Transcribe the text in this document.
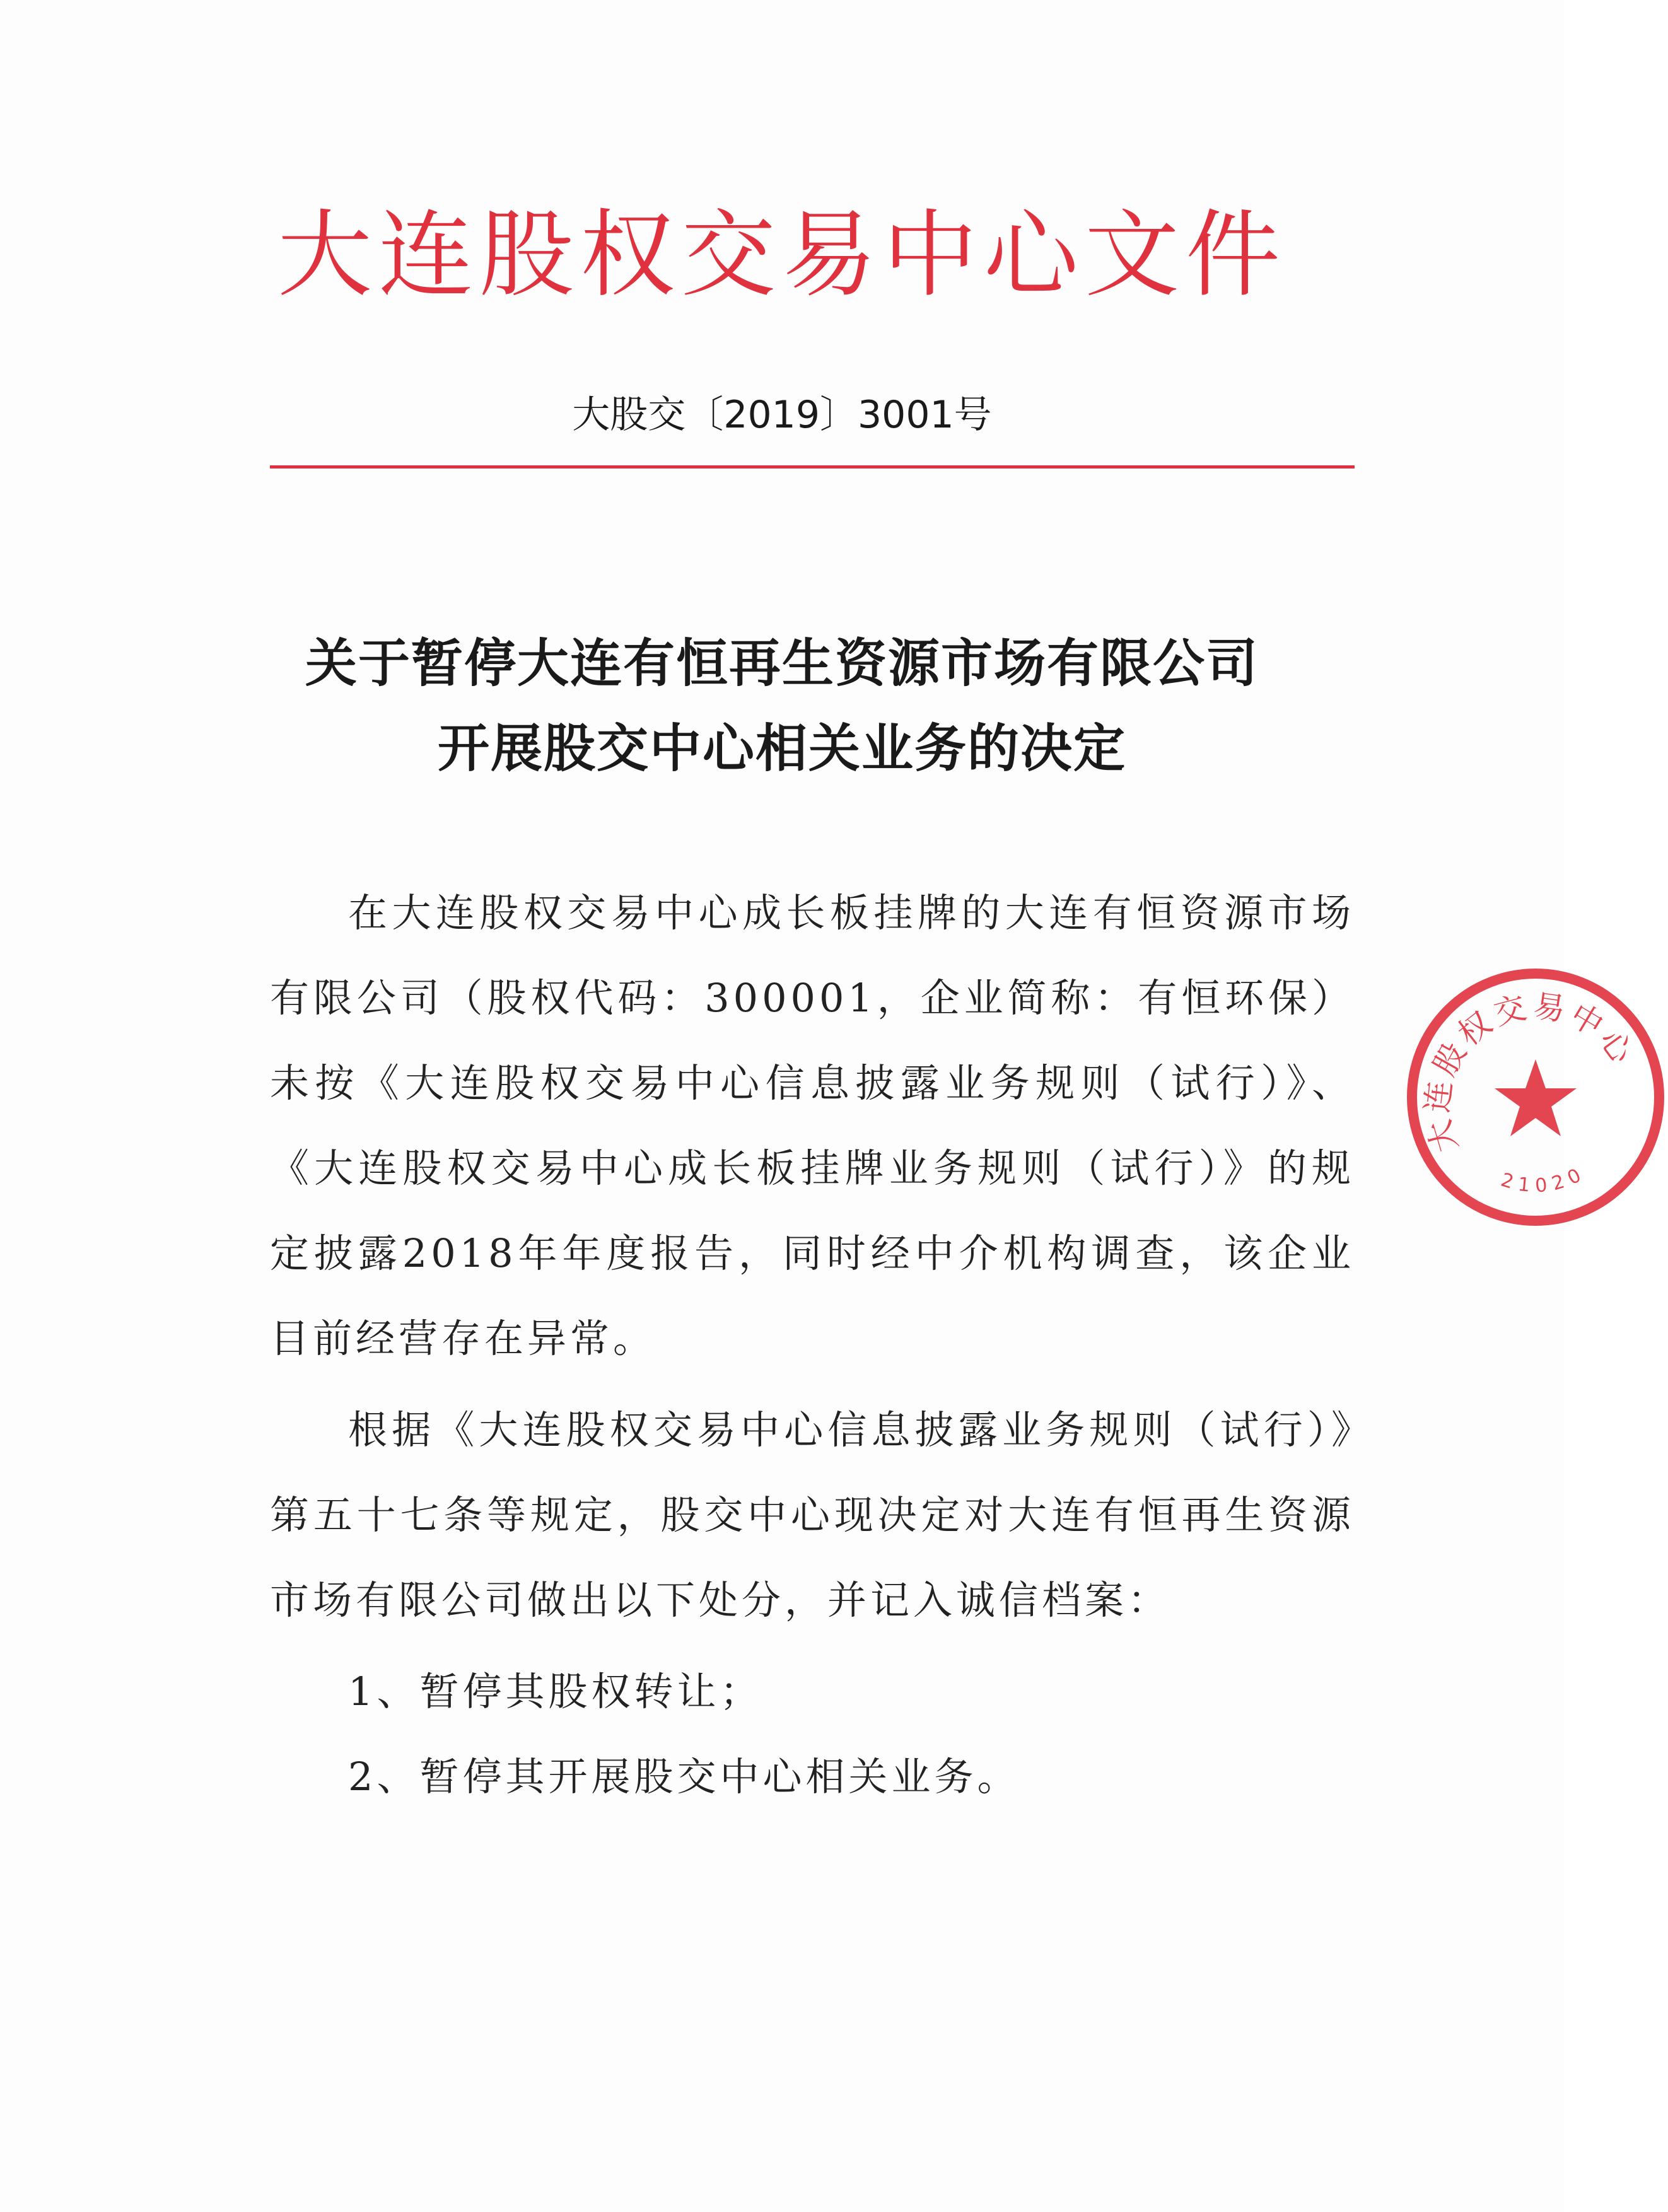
大连股权交易中心文件
大股交〔2019〕3001号
关于暂停大连有恒再生资源市场有限公司
开展股交中心相关业务的决定

在大连股权交易中心成长板挂牌的大连有恒资源市场有限公司（股权代码：300001，企业简称：有恒环保）未按《大连股权交易中心信息披露业务规则（试行）》、《大连股权交易中心成长板挂牌业务规则（试行）》的规定披露2018年年度报告，同时经中介机构调查，该企业目前经营存在异常。

根据《大连股权交易中心信息披露业务规则（试行）》第五十七条等规定，股交中心现决定对大连有恒再生资源市场有限公司做出以下处分，并记入诚信档案：

1、暂停其股权转让；

2、暂停其开展股交中心相关业务。

大连股权交易中心
21020
